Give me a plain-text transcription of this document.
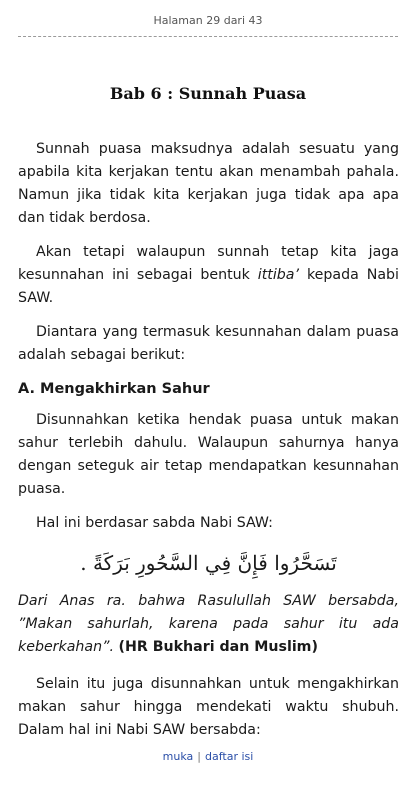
Halaman 29 dari 43
Bab 6 : Sunnah Puasa

Sunnah puasa maksudnya adalah sesuatu yang apabila kita kerjakan tentu akan menambah pahala. Namun jika tidak kita kerjakan juga tidak apa apa dan tidak berdosa.

Akan tetapi walaupun sunnah tetap kita jaga kesunnahan ini sebagai bentuk ittiba’ kepada Nabi SAW.

Diantara yang termasuk kesunnahan dalam puasa adalah sebagai berikut:

A. Mengakhirkan Sahur

Disunnahkan ketika hendak puasa untuk makan sahur terlebih dahulu. Walaupun sahurnya hanya dengan seteguk air tetap mendapatkan kesunnahan puasa.

Hal ini berdasar sabda Nabi SAW:

تَسَحَّرُوا فَإِنَّ فِي السَّحُورِ بَرَكَةً .

Dari Anas ra. bahwa Rasulullah SAW bersabda, ”Makan sahurlah, karena pada sahur itu ada keberkahan”. (HR Bukhari dan Muslim)

Selain itu juga disunnahkan untuk mengakhirkan makan sahur hingga mendekati waktu shubuh. Dalam hal ini Nabi SAW bersabda:

muka | daftar isi
